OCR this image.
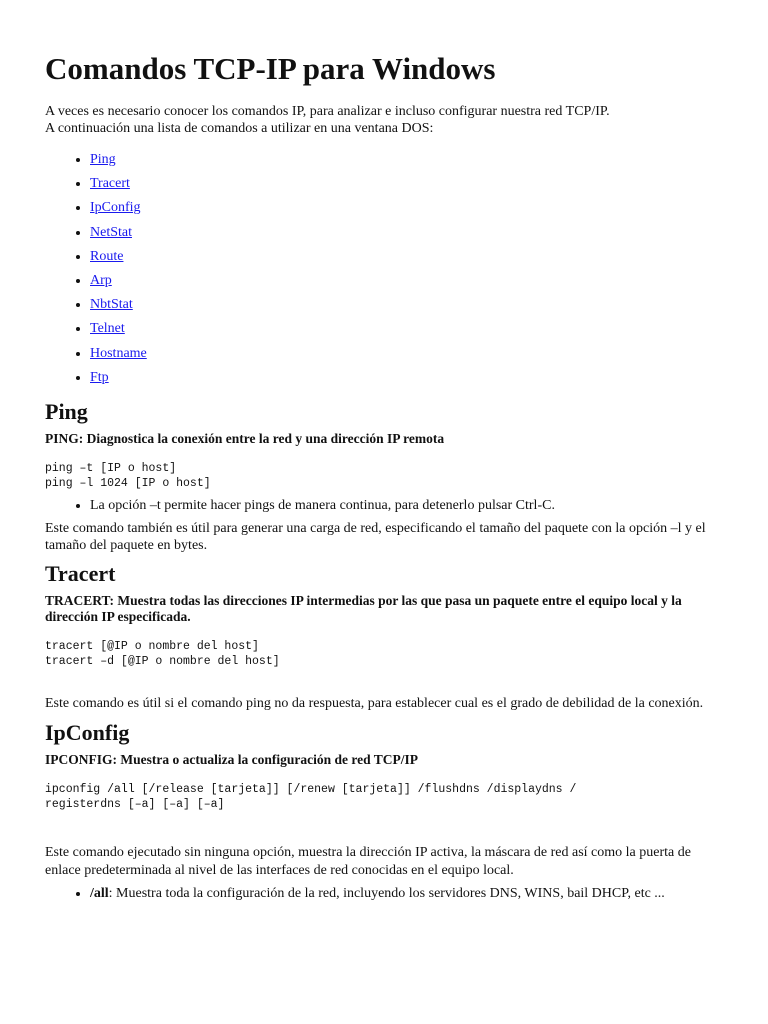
Comandos TCP-IP para Windows

A veces es necesario conocer los comandos IP, para analizar e incluso configurar nuestra red TCP/IP.
A continuación una lista de comandos a utilizar en una ventana DOS:

• Ping
• Tracert
• IpConfig
• NetStat
• Route
• Arp
• NbtStat
• Telnet
• Hostname
• Ftp
Ping

PING: Diagnostica la conexión entre la red y una dirección IP remota

ping –t [IP o host]
ping –l 1024 [IP o host]
• La opción –t permite hacer pings de manera continua, para detenerlo pulsar Ctrl-C.

Este comando también es útil para generar una carga de red, especificando el tamaño del paquete con la opción –l y el tamaño del paquete en bytes.

Tracert

TRACERT: Muestra todas las direcciones IP intermedias por las que pasa un paquete entre el equipo local y la dirección IP especificada.

tracert [@IP o nombre del host]
tracert –d [@IP o nombre del host]

Este comando es útil si el comando ping no da respuesta, para establecer cual es el grado de debilidad de la conexión.

IpConfig

IPCONFIG: Muestra o actualiza la configuración de red TCP/IP

ipconfig /all [/release [tarjeta]] [/renew [tarjeta]] /flushdns /displaydns /
registerdns [–a] [–a] [–a]

Este comando ejecutado sin ninguna opción, muestra la dirección IP activa, la máscara de red así como la puerta de enlace predeterminada al nivel de las interfaces de red conocidas en el equipo local.

• /all: Muestra toda la configuración de la red, incluyendo los servidores DNS, WINS, bail DHCP, etc ...
